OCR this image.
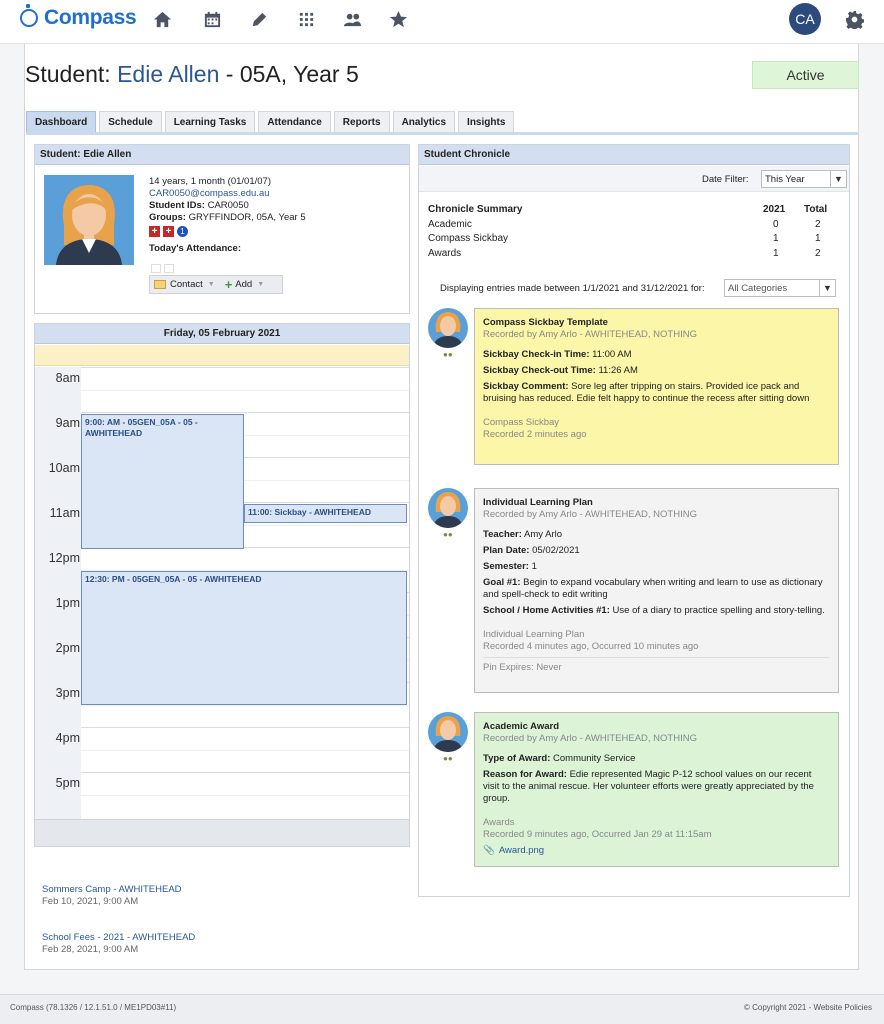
Compass	CA
Student: Edie Allen - 05A, Year 5	Active
Dashboard	Schedule	Learning Tasks	Attendance	Reports	Analytics	Insights
Student: Edie Allen
14 years, 1 month (01/01/07)
CAR0050@compass.edu.au
Student IDs: CAR0050
Groups: GRYFFINDOR, 05A, Year 5
+ +	1
Today's Attendance:
Contact ▼ + Add ▼
Friday, 05 February 2021
8am
9am
10am
11am
12pm
1pm
2pm
3pm
4pm
5pm
9:00: AM - 05GEN_05A - 05 - AWHITEHEAD
11:00: Sickbay - AWHITEHEAD
12:30: PM - 05GEN_05A - 05 - AWHITEHEAD
Sommers Camp - AWHITEHEAD
Feb 10, 2021, 9:00 AM
School Fees - 2021 - AWHITEHEAD
Feb 28, 2021, 9:00 AM
Student Chronicle
Date Filter: This Year	▼
Chronicle Summary	2021 Total
Academic	0	2
Compass Sickbay	1	1
Awards	1	2
Displaying entries made between 1/1/2021 and 31/12/2021 for: All Categories	▼
●●
Compass Sickbay Template
Recorded by Amy Arlo - AWHITEHEAD, NOTHING
Sickbay Check-in Time: 11:00 AM
Sickbay Check-out Time: 11:26 AM
Sickbay Comment: Sore leg after tripping on stairs. Provided ice pack and bruising has reduced. Edie felt happy to continue the recess after sitting down
Compass Sickbay
Recorded 2 minutes ago
●●
Individual Learning Plan
Recorded by Amy Arlo - AWHITEHEAD, NOTHING
Teacher: Amy Arlo
Plan Date: 05/02/2021
Semester: 1
Goal #1: Begin to expand vocabulary when writing and learn to use as dictionary and spell-check to edit writing
School / Home Activities #1: Use of a diary to practice spelling and story-telling.
Individual Learning Plan
Recorded 4 minutes ago, Occurred 10 minutes ago
Pin Expires: Never
●●
Academic Award
Recorded by Amy Arlo - AWHITEHEAD, NOTHING
Type of Award: Community Service
Reason for Award: Edie represented Magic P-12 school values on our recent visit to the animal rescue. Her volunteer efforts were greatly appreciated by the group.
Awards
Recorded 9 minutes ago, Occurred Jan 29 at 11:15am
📎 Award.png
Compass (78.1326 / 12.1.51.0 / ME1PD03#11)	© Copyright 2021 - Website Policies
